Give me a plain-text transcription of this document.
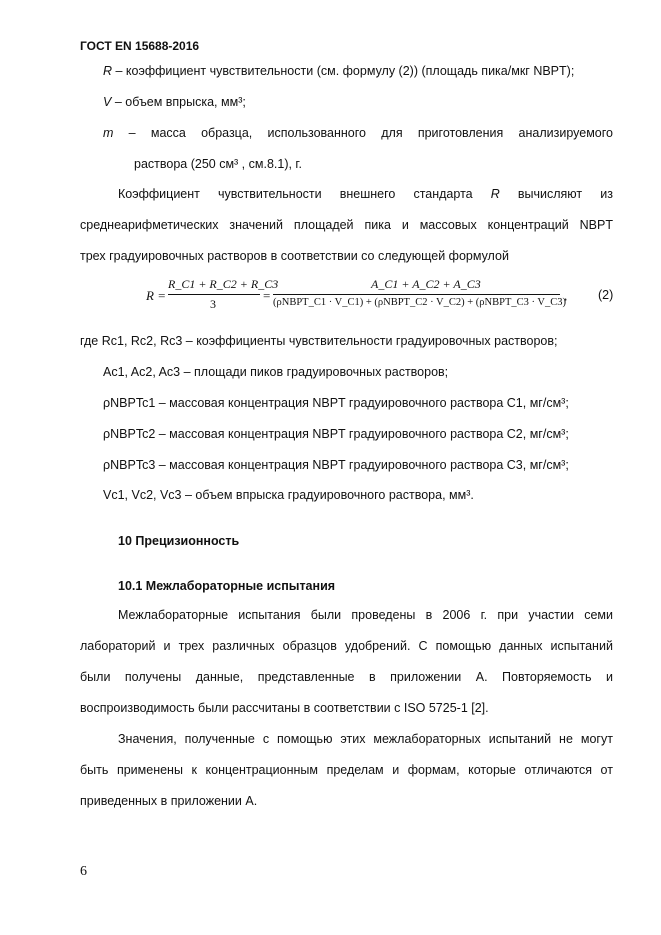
ГОСТ EN 15688-2016
R – коэффициент чувствительности (см. формулу (2)) (площадь пика/мкг NBPT);
V – объем впрыска, мм³;
m – масса образца, использованного для приготовления анализируемого
раствора (250 см³ , см.8.1), г.
Коэффициент чувствительности внешнего стандарта R вычисляют из
среднеарифметических значений площадей пика и массовых концентраций NBPT
трех градуировочных растворов в соответствии со следующей формулой
R =
R_C1 + R_C2 + R_C3
3
=
A_C1 + A_C2 + A_C3
(ρNBPT_C1 · V_C1) + (ρNBPT_C2 · V_C2) + (ρNBPT_C3 · V_C3)
, (2)
где Rc1, Rc2, Rc3 – коэффициенты чувствительности градуировочных растворов;
Ac1, Ac2, Ac3 – площади пиков градуировочных растворов;
ρNBPTc1 – массовая концентрация NBPT градуировочного раствора С1, мг/см³;
ρNBPTc2 – массовая концентрация NBPT градуировочного раствора С2, мг/см³;
ρNBPTc3 – массовая концентрация NBPT градуировочного раствора С3, мг/см³;
Vc1, Vc2, Vc3 – объем впрыска градуировочного раствора, мм³.
10 Прецизионность
10.1 Межлабораторные испытания
Межлабораторные испытания были проведены в 2006 г. при участии семи
лабораторий и трех различных образцов удобрений. С помощью данных испытаний
были получены данные, представленные в приложении А. Повторяемость и
воспроизводимость были рассчитаны в соответствии с ISO 5725-1 [2].
Значения, полученные с помощью этих межлабораторных испытаний не могут
быть применены к концентрационным пределам и формам, которые отличаются от
приведенных в приложении А.
6
